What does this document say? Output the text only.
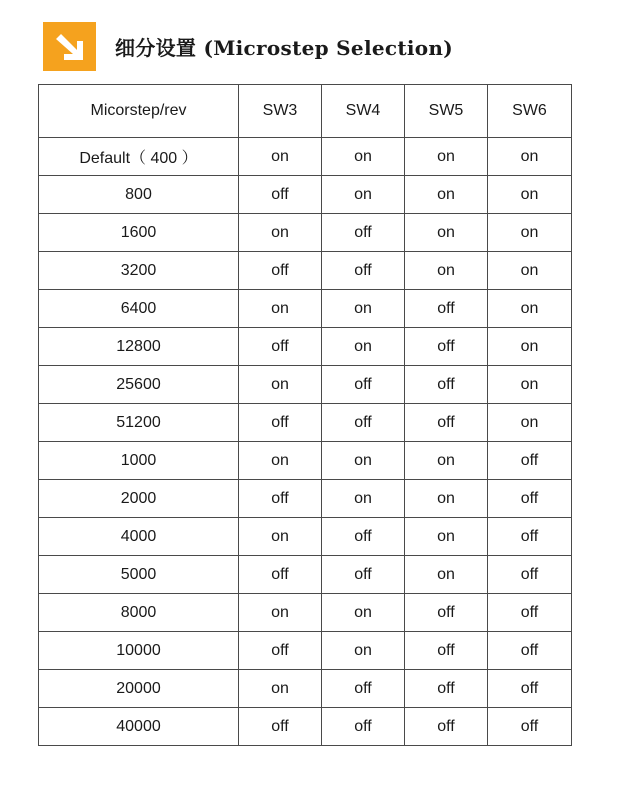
细分设置 (Microstep Selection)
Micorstep/rev	SW3	SW4	SW5	SW6
Default（ 400 ）	on	on	on	on
800	off	on	on	on
1600	on	off	on	on
3200	off	off	on	on
6400	on	on	off	on
12800	off	on	off	on
25600	on	off	off	on
51200	off	off	off	on
1000	on	on	on	off
2000	off	on	on	off
4000	on	off	on	off
5000	off	off	on	off
8000	on	on	off	off
10000	off	on	off	off
20000	on	off	off	off
40000	off	off	off	off
